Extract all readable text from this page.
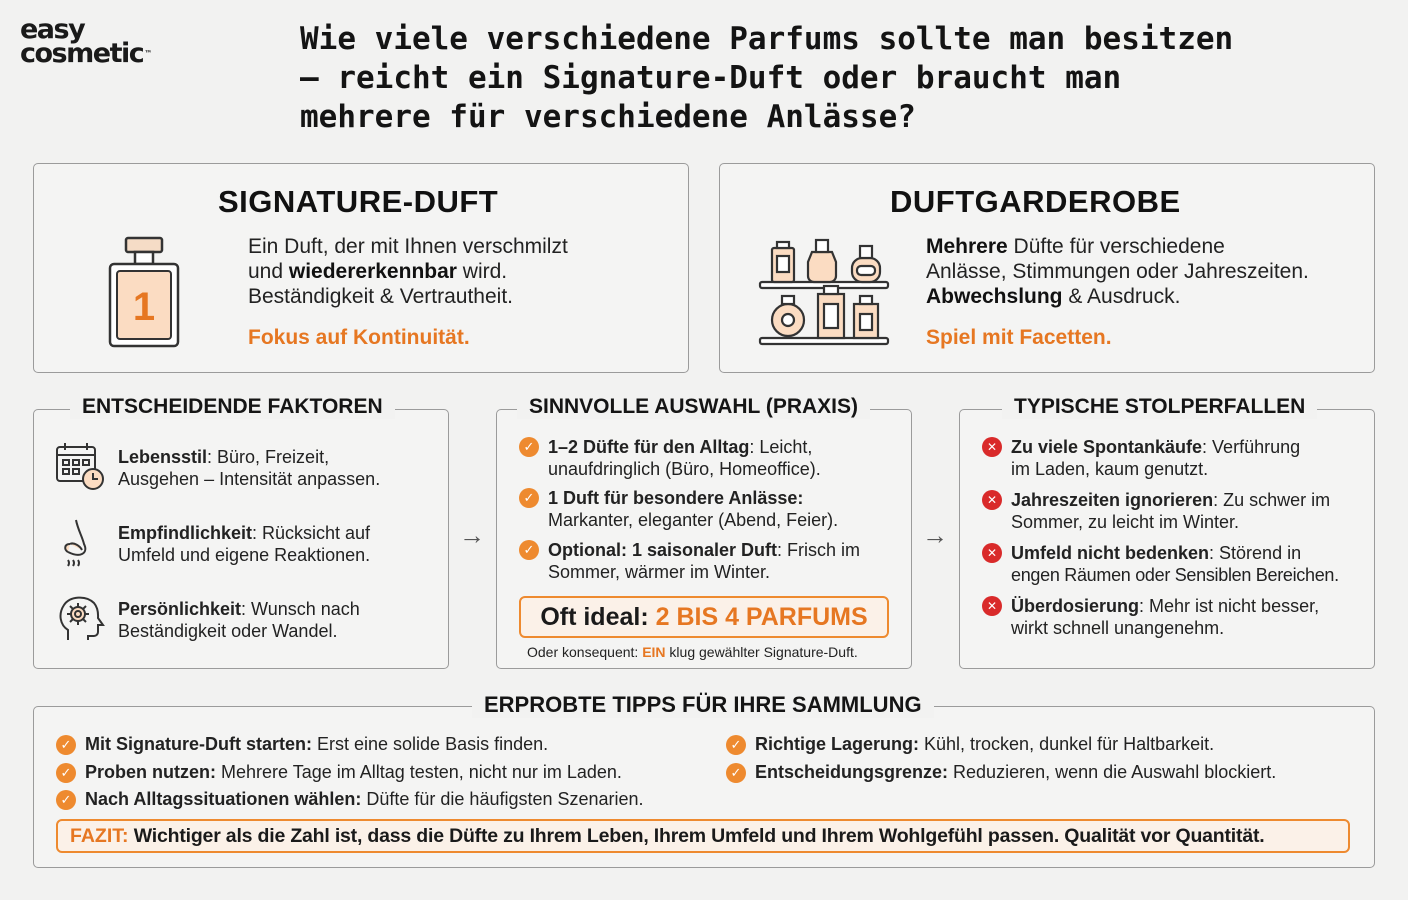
easy
cosmetic™	Wie viele verschiedene Parfums sollte man besitzen – reicht ein Signature-Duft oder braucht man mehrere für verschiedene Anlässe?
SIGNATURE-DUFT
1
Ein Duft, der mit Ihnen verschmilzt
und wiedererkennbar wird.
Beständigkeit & Vertrautheit.
Fokus auf Kontinuität.
DUFTGARDEROBE
Mehrere Düfte für verschiedene
Anlässe, Stimmungen oder Jahreszeiten.
Abwechslung & Ausdruck.
Spiel mit Facetten.
ENTSCHEIDENDE FAKTOREN
Lebensstil: Büro, Freizeit,
Ausgehen – Intensität anpassen.
Empfindlichkeit: Rücksicht auf
Umfeld und eigene Reaktionen.
Persönlichkeit: Wunsch nach
Beständigkeit oder Wandel.
→
SINNVOLLE AUSWAHL (PRAXIS)
✓ 1–2 Düfte für den Alltag: Leicht,
unaufdringlich (Büro, Homeoffice).
✓ 1 Duft für besondere Anlässe:
Markanter, eleganter (Abend, Feier).
✓ Optional: 1 saisonaler Duft: Frisch im
Sommer, wärmer im Winter.
Oft ideal: 2 BIS 4 PARFUMS
Oder konsequent: EIN klug gewählter Signature-Duft.
→
TYPISCHE STOLPERFALLEN
✕ Zu viele Spontankäufe: Verführung
im Laden, kaum genutzt.
✕ Jahreszeiten ignorieren: Zu schwer im
Sommer, zu leicht im Winter.
✕ Umfeld nicht bedenken: Störend in
engen Räumen oder Sensiblen Bereichen.
✕ Überdosierung: Mehr ist nicht besser,
wirkt schnell unangenehm.
ERPROBTE TIPPS FÜR IHRE SAMMLUNG
✓ Mit Signature-Duft starten: Erst eine solide Basis finden.
✓ Proben nutzen: Mehrere Tage im Alltag testen, nicht nur im Laden.
✓ Nach Alltagssituationen wählen: Düfte für die häufigsten Szenarien.
✓ Richtige Lagerung: Kühl, trocken, dunkel für Haltbarkeit.
✓ Entscheidungsgrenze: Reduzieren, wenn die Auswahl blockiert.
FAZIT: Wichtiger als die Zahl ist, dass die Düfte zu Ihrem Leben, Ihrem Umfeld und Ihrem Wohlgefühl passen. Qualität vor Quantität.
